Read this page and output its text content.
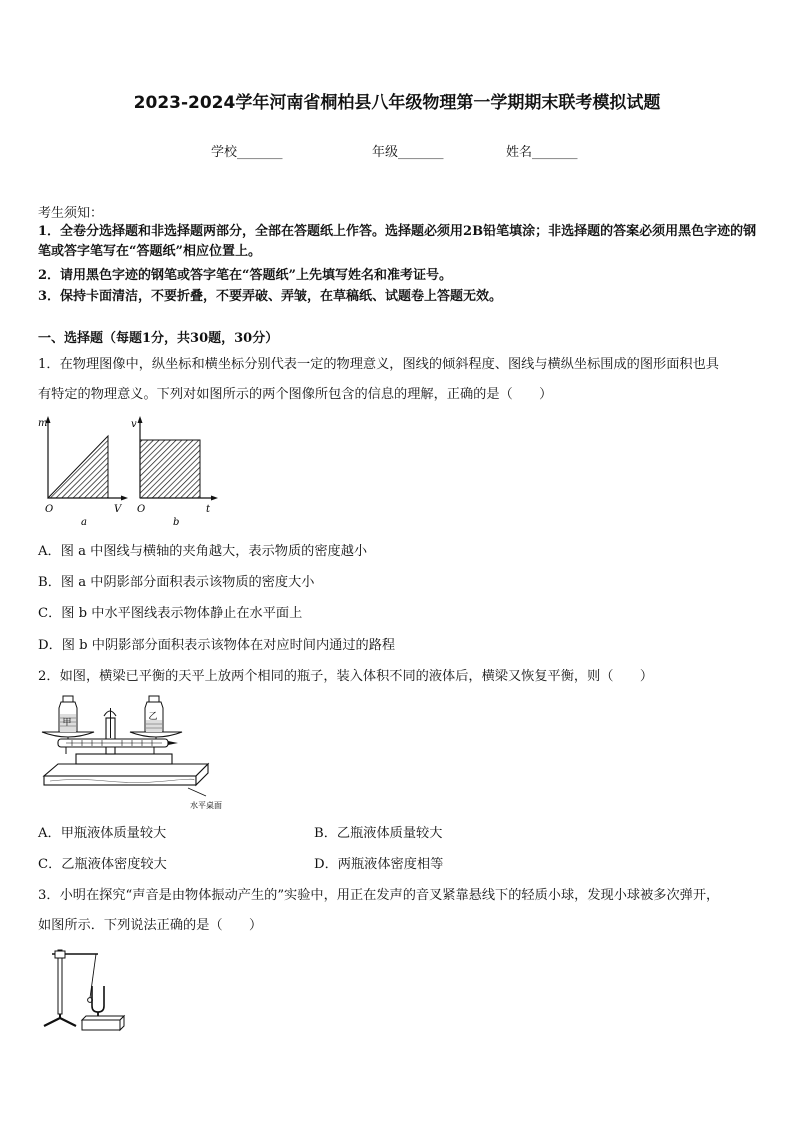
2023-2024学年河南省桐柏县八年级物理第一学期期末联考模拟试题
学校_______	年级_______	姓名_______
考生须知：
1．全卷分选择题和非选择题两部分，全部在答题纸上作答。选择题必须用2B铅笔填涂；非选择题的答案必须用黑色字迹的钢笔或答字笔写在“答题纸”相应位置上。
2．请用黑色字迹的钢笔或答字笔在“答题纸”上先填写姓名和准考证号。
3．保持卡面清洁，不要折叠，不要弄破、弄皱，在草稿纸、试题卷上答题无效。
一、选择题（每题1分，共30题，30分）
1．在物理图像中，纵坐标和横坐标分别代表一定的物理意义，图线的倾斜程度、图线与横纵坐标围成的图形面积也具
有特定的物理意义。下列对如图所示的两个图像所包含的信息的理解，正确的是（　　）
m
V
O
a
v
t
O
b
A．图 a 中图线与横轴的夹角越大，表示物质的密度越小
B．图 a 中阴影部分面积表示该物质的密度大小
C．图 b 中水平图线表示物体静止在水平面上
D．图 b 中阴影部分面积表示该物体在对应时间内通过的路程
2．如图，横梁已平衡的天平上放两个相同的瓶子，装入体积不同的液体后，横梁又恢复平衡，则（　　）
甲
乙
水平桌面
A．甲瓶液体质量较大	B．乙瓶液体质量较大
C．乙瓶液体密度较大	D．两瓶液体密度相等
3．小明在探究“声音是由物体振动产生的”实验中，用正在发声的音叉紧靠悬线下的轻质小球，发现小球被多次弹开，
如图所示．下列说法正确的是（　　）
